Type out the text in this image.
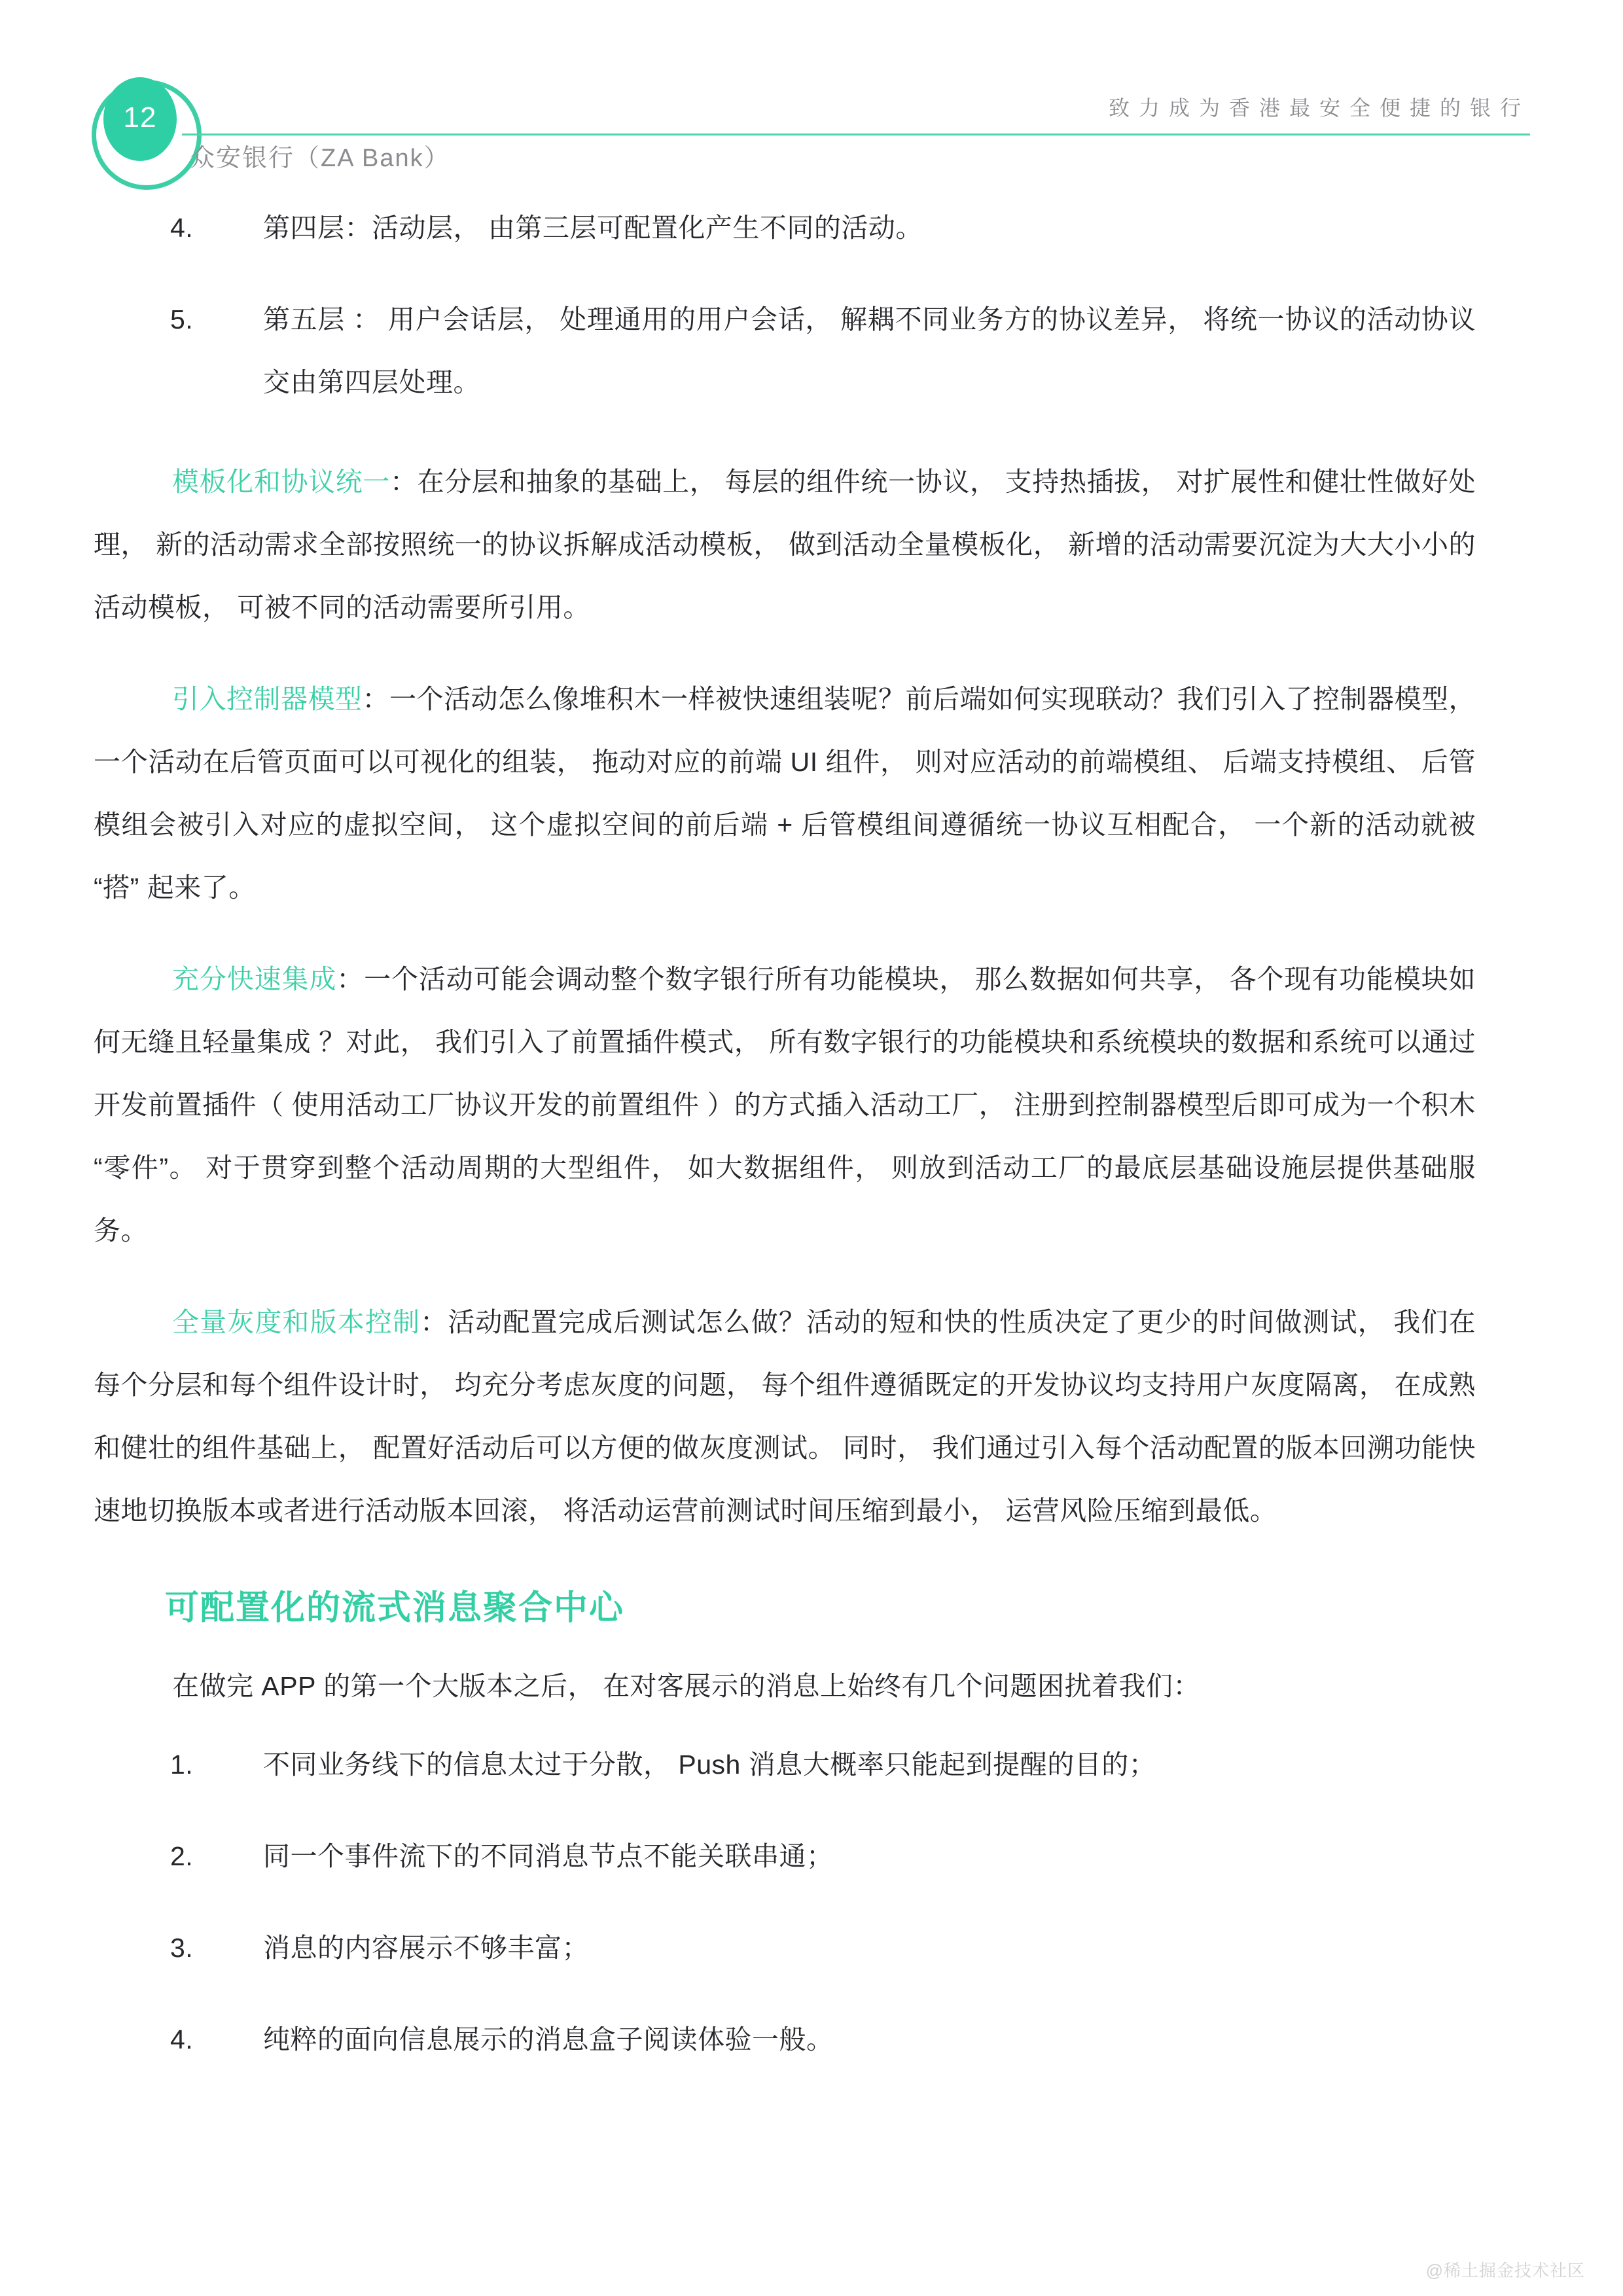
12
众安银行（ZA Bank）
致力成为香港最安全便捷的银行
4.	第四层：活动层， 由第三层可配置化产生不同的活动。
5.	第五层 ： 用户会话层， 处理通用的用户会话， 解耦不同业务方的协议差异， 将统一协议的活动协议交由第四层处理。
模板化和协议统一：在分层和抽象的基础上， 每层的组件统一协议， 支持热插拔， 对扩展性和健壮性做好处理， 新的活动需求全部按照统一的协议拆解成活动模板， 做到活动全量模板化， 新增的活动需要沉淀为大大小小的活动模板， 可被不同的活动需要所引用。
引入控制器模型：一个活动怎么像堆积木一样被快速组装呢？前后端如何实现联动？我们引入了控制器模型，一个活动在后管页面可以可视化的组装， 拖动对应的前端 UI 组件， 则对应活动的前端模组、 后端支持模组、 后管模组会被引入对应的虚拟空间， 这个虚拟空间的前后端 + 后管模组间遵循统一协议互相配合， 一个新的活动就被 “搭” 起来了。
充分快速集成：一个活动可能会调动整个数字银行所有功能模块， 那么数据如何共享， 各个现有功能模块如何无缝且轻量集成 ？对此， 我们引入了前置插件模式， 所有数字银行的功能模块和系统模块的数据和系统可以通过开发前置插件（ 使用活动工厂协议开发的前置组件 ）的方式插入活动工厂， 注册到控制器模型后即可成为一个积木 “零件”。 对于贯穿到整个活动周期的大型组件， 如大数据组件， 则放到活动工厂的最底层基础设施层提供基础服务。
全量灰度和版本控制：活动配置完成后测试怎么做？活动的短和快的性质决定了更少的时间做测试， 我们在每个分层和每个组件设计时， 均充分考虑灰度的问题， 每个组件遵循既定的开发协议均支持用户灰度隔离， 在成熟和健壮的组件基础上， 配置好活动后可以方便的做灰度测试。 同时， 我们通过引入每个活动配置的版本回溯功能快速地切换版本或者进行活动版本回滚， 将活动运营前测试时间压缩到最小， 运营风险压缩到最低。
可配置化的流式消息聚合中心
在做完 APP 的第一个大版本之后， 在对客展示的消息上始终有几个问题困扰着我们：
1.	不同业务线下的信息太过于分散， Push 消息大概率只能起到提醒的目的；
2.	同一个事件流下的不同消息节点不能关联串通；
3.	消息的内容展示不够丰富；
4.	纯粹的面向信息展示的消息盒子阅读体验一般。
@稀土掘金技术社区
